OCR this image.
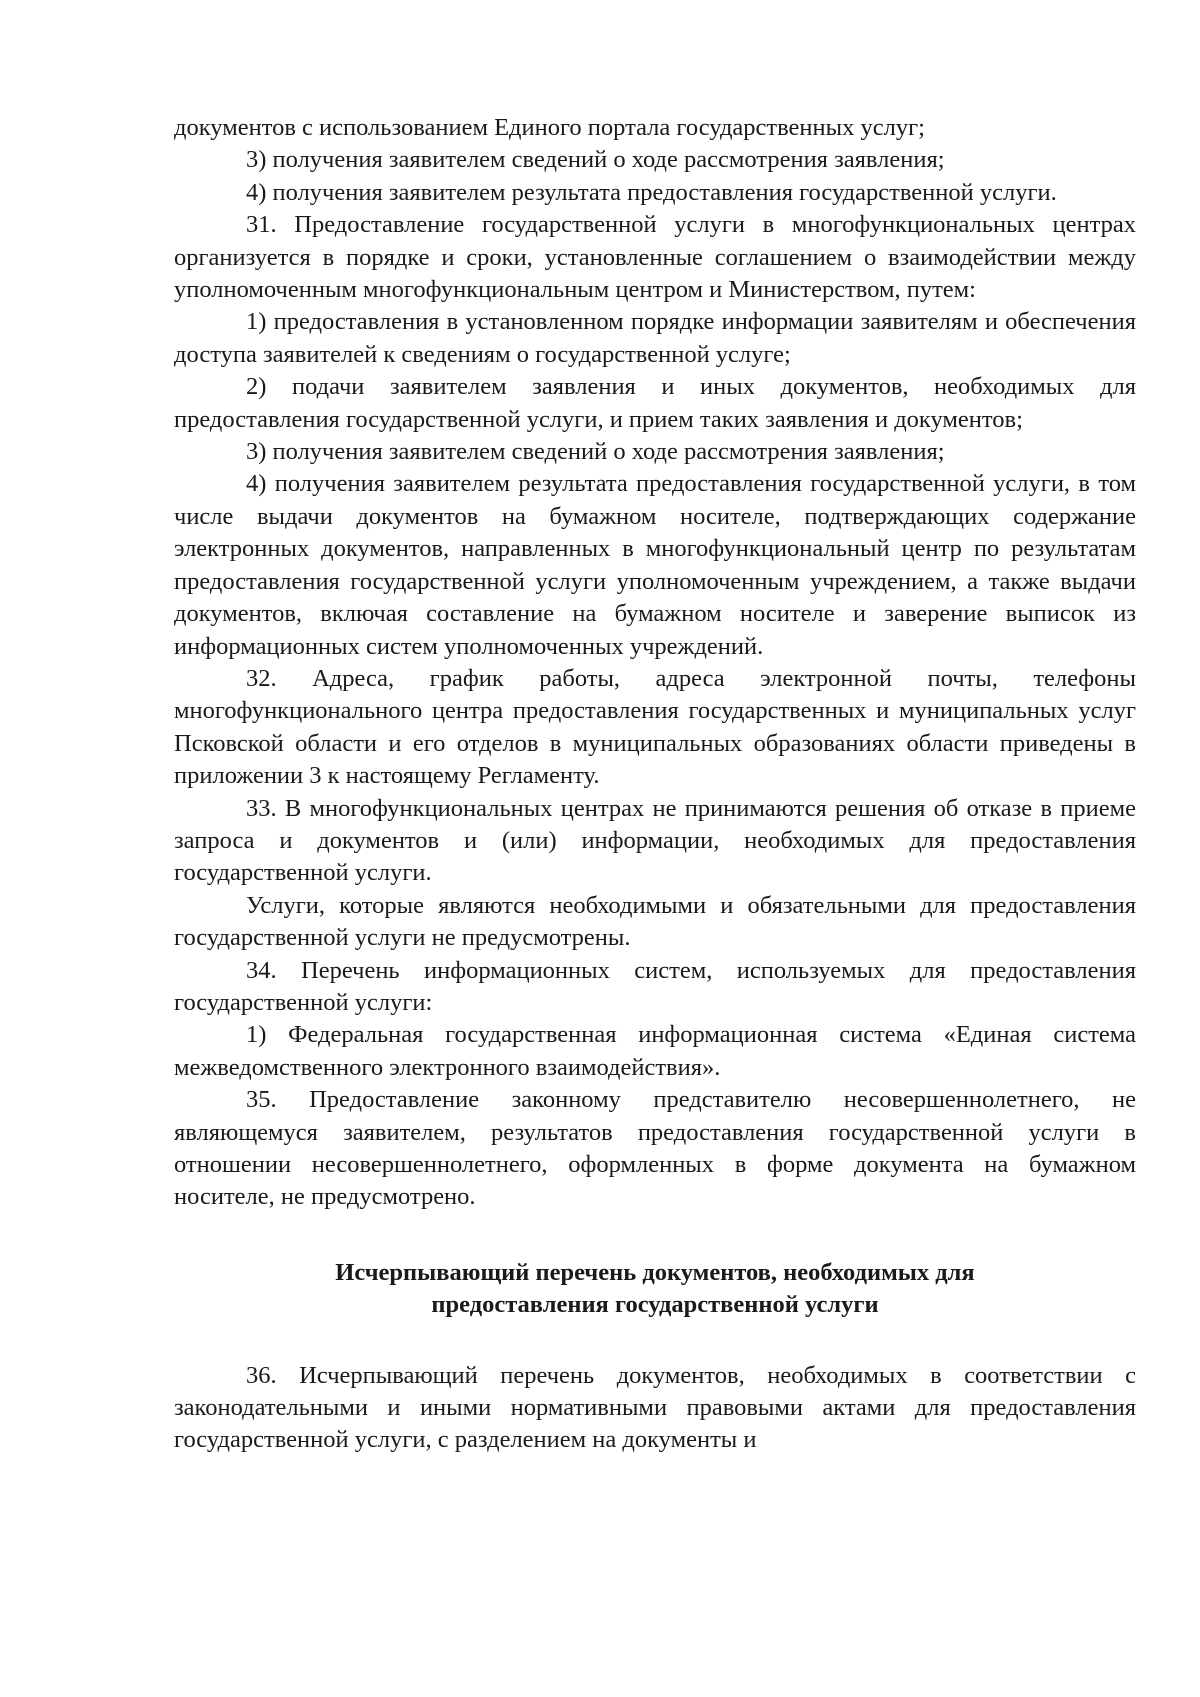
документов с использованием Единого портала государственных услуг;

3) получения заявителем сведений о ходе рассмотрения заявления;

4) получения заявителем результата предоставления государственной услуги.

31. Предоставление государственной услуги в многофункциональных центрах организуется в порядке и сроки, установленные соглашением о взаимодействии между уполномоченным многофункциональным центром и Министерством, путем:

1) предоставления в установленном порядке информации заявителям и обеспечения доступа заявителей к сведениям о государственной услуге;

2) подачи заявителем заявления и иных документов, необходимых для предоставления государственной услуги, и прием таких заявления и документов;

3) получения заявителем сведений о ходе рассмотрения заявления;

4) получения заявителем результата предоставления государственной услуги, в том числе выдачи документов на бумажном носителе, подтверждающих содержание электронных документов, направленных в многофункциональный центр по результатам предоставления государственной услуги уполномоченным учреждением, а также выдачи документов, включая составление на бумажном носителе и заверение выписок из информационных систем уполномоченных учреждений.

32. Адреса, график работы, адреса электронной почты, телефоны многофункционального центра предоставления государственных и муниципальных услуг Псковской области и его отделов в муниципальных образованиях области приведены в приложении 3 к настоящему Регламенту.

33. В многофункциональных центрах не принимаются решения об отказе в приеме запроса и документов и (или) информации, необходимых для предоставления государственной услуги.

Услуги, которые являются необходимыми и обязательными для предоставления государственной услуги не предусмотрены.

34. Перечень информационных систем, используемых для предоставления государственной услуги:

1) Федеральная государственная информационная система «Единая система межведомственного электронного взаимодействия».

35. Предоставление законному представителю несовершеннолетнего, не являющемуся заявителем, результатов предоставления государственной услуги в отношении несовершеннолетнего, оформленных в форме документа на бумажном носителе, не предусмотрено.

Исчерпывающий перечень документов, необходимых для
предоставления государственной услуги

36. Исчерпывающий перечень документов, необходимых в соответствии с законодательными и иными нормативными правовыми актами для предоставления государственной услуги, с разделением на документы и
